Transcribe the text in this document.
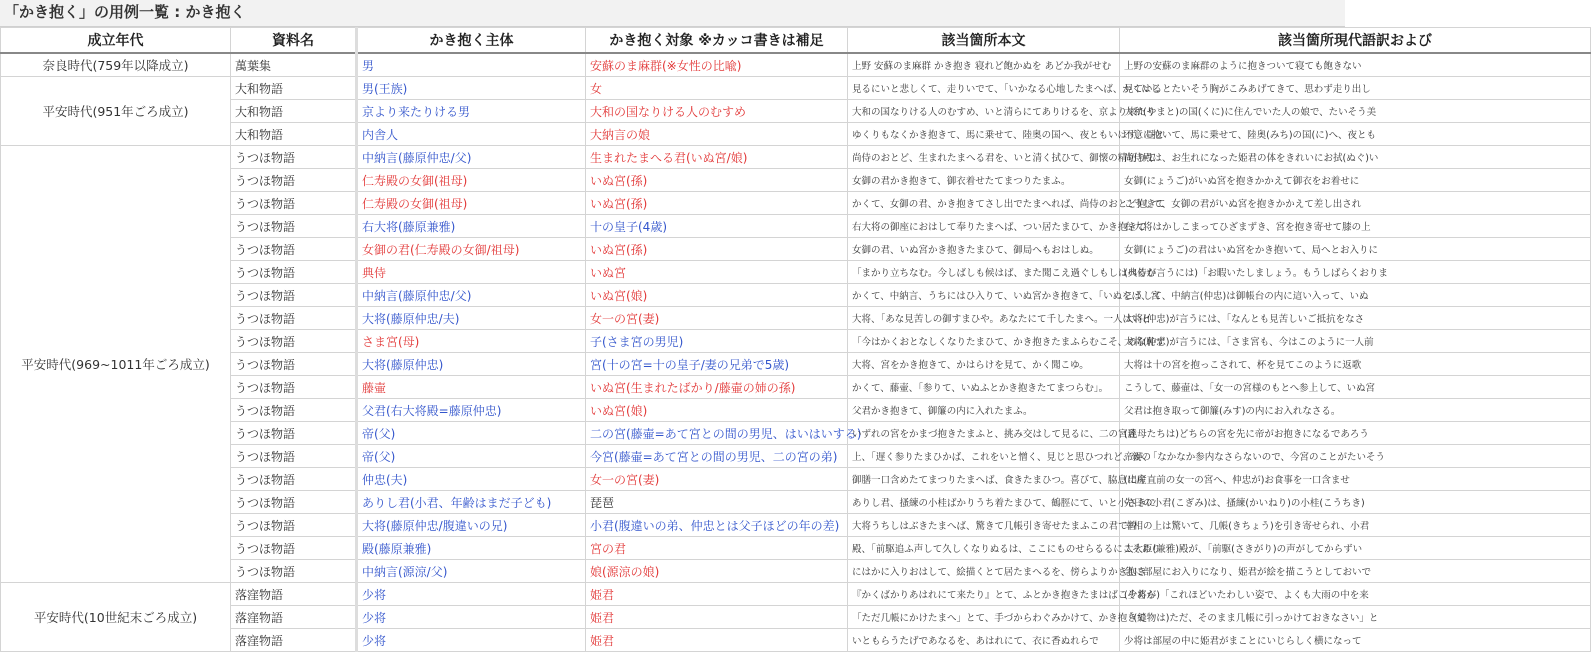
「かき抱く」の用例一覧 : かき抱く
成立年代	資料名	かき抱く主体	かき抱く対象 ※カッコ書きは補足	該当箇所本文	該当箇所現代語訳および
奈良時代(759年以降成立)	萬葉集	男	安蘇のま麻群(※女性の比喩)	上野 安蘇のま麻群 かき抱き 寝れど飽かぬを あどか我がせむ	上野の安蘇のま麻群のように抱きついて寝ても飽きない
平安時代(951年ごろ成立)	大和物語	男(王族)	女	見るにいと悲しくて、走りいでて、「いかなる心地したまへば、かくはし	見ているとたいそう胸がこみあげてきて、思わず走り出し
	大和物語	京より来たりける男	大和の国なりける人のむすめ	大和の国なりける人のむすめ、いと清らにてありけるを、京より来たり	大和(やまと)の国(くに)に住んでいた人の娘で、たいそう美
	大和物語	内舎人	大納言の娘	ゆくりもなくかき抱きて、馬に乗せて、陸奥の国へ、夜ともいはず、昼と	不意に抱いて、馬に乗せて、陸奥(みち)の国(に)へ、夜とも
平安時代(969~1011年ごろ成立)	うつほ物語	中納言(藤原仲忠/父)	生まれたまへる君(いぬ宮/娘)	尚侍のおとど、生まれたまへる君を、いと清く拭ひて、御懐の精切りて	尚侍殿は、お生れになった姫君の体をきれいにお拭(ぬぐ)い
	うつほ物語	仁寿殿の女御(祖母)	いぬ宮(孫)	女御の君かき抱きて、御衣着せたてまつりたまふ。	女御(にょうご)がいぬ宮を抱きかかえて御衣をお着せに
	うつほ物語	仁寿殿の女御(祖母)	いぬ宮(孫)	かくて、女御の君、かき抱きてさし出でたまへれば、尚侍のおとど抱きて	こうして、女御の君がいぬ宮を抱きかかえて差し出され
	うつほ物語	右大将(藤原兼雅)	十の皇子(4歳)	右大将の御座におはして奉りたまへば、つい居たまひて、かき抱きて	右大将はかしこまってひざまずき、宮を抱き寄せて膝の上
	うつほ物語	女御の君(仁寿殿の女御/祖母)	いぬ宮(孫)	女御の君、いぬ宮かき抱きたまひて、御局へもおはしぬ。	女御(にょうご)の君はいぬ宮をかき抱いて、局へとお入りに
	うつほ物語	典侍	いぬ宮	「まかり立ちなむ。今しばしも候はば、また聞こえ過ぐしもしはべるむ	(典侍が言うには)「お暇いたしましょう。もうしばらくおりま
	うつほ物語	中納言(藤原仲忠/父)	いぬ宮(娘)	かくて、中納言、うちにはひ入りて、いぬ宮かき抱きて、「いぬをば、宮	こうして、中納言(仲忠)は御帳台の内に這い入って、いぬ
	うつほ物語	大将(藤原仲忠/夫)	女一の宮(妻)	大将、「あな見苦しの御すまひや。あなたにて千したまへ。一人はいと	大将(仲忠)が言うには、「なんとも見苦しいご抵抗をなさ
	うつほ物語	さま宮(母)	子(さま宮の男児)	「今はかくおとなしくなりたまひて、かき抱きたまふらむこそ、あな恥ず	大将(仲忠)が言うには、「さま宮も、今はこのように一人前
	うつほ物語	大将(藤原仲忠)	宮(十の宮=十の皇子/妻の兄弟で5歳)	大将、宮をかき抱きて、かはらけを見て、かく聞こゆ。	大将は十の宮を抱っこされて、杯を見てこのように返歌
	うつほ物語	藤壷	いぬ宮(生まれたばかり/藤壷の姉の孫)	かくて、藤壷、「参りて、いぬふとかき抱きたてまつらむ」。	こうして、藤壷は、「女一の宮様のもとへ参上して、いぬ宮
	うつほ物語	父君(右大将殿=藤原仲忠)	いぬ宮(娘)	父君かき抱きて、御簾の内に入れたまふ。	父君は抱き取って御簾(みす)の内にお入れなさる。
	うつほ物語	帝(父)	二の宮(藤壷=あて宮との間の男児、はいはいする)	いずれの宮をかまづ抱きたまふと、挑み交はして見るに、二の宮達	(乳母たちは)どちらの宮を先に帝がお抱きになるであろう
	うつほ物語	帝(父)	今宮(藤壷=あて宮との間の男児、二の宮の弟)	上、「遅く参りたまひかば、これをいと憎く、見じと思ひつれど、親の	帝が、「なかなか参内なさらないので、今宮のことがたいそう
	うつほ物語	仲忠(夫)	女一の宮(妻)	御膳一口含めたてまつりたまへば、食きたまひつ。喜びて、脇息に房	(出産直前の女一の宮へ、仲忠が)お食事を一口含ませ
	うつほ物語	ありし君(小君、年齢はまだ子ども)	琵琶	ありし君、搔練の小桂ばかりうち着たまひて、鶴脛にて、いと小さきに	先日の小君(こぎみ)は、搔練(かいねり)の小桂(こうちき)
	うつほ物語	大将(藤原仲忠/腹違いの兄)	小君(腹違いの弟、仲忠とは父子ほどの年の差)	大将うちしはぶきたまへば、驚きて几帳引き寄せたまふこの君て曾	宰相の上は驚いて、几帳(きちょう)を引き寄せられ、小君
	うつほ物語	殿(藤原兼雅)	宮の君	殿、「前駆追ふ声して久しくなりぬるは、ここにものせらるるにこそあり	太大臣(兼雅)殿が、「前駆(さきがり)の声がしてからずい
	うつほ物語	中納言(源涼/父)	娘(源涼の娘)	にはかに入りおはして、絵描くとて居たまへるを、傍らよりかき抱き	急に部屋にお入りになり、姫君が絵を描こうとしておいで
平安時代(10世紀末ごろ成立)	落窪物語	少将	姫君	『かくばかりあはれにて来たり』とて、ふとかき抱きたまはばこそあら	(少将が)「これほどいたわしい姿で、よくも大雨の中を来
	落窪物語	少将	姫君	「ただ几帳にかけたまへ」とて、手づからわぐみかけて、かき抱きて	「(縫物は)ただ、そのまま几帳に引っかけておきなさい」と
	落窪物語	少将	姫君	いともらうたげであなるを、あはれにて、衣に香ぬれらで	少将は部屋の中に姫君がまことにいじらしく横になって
